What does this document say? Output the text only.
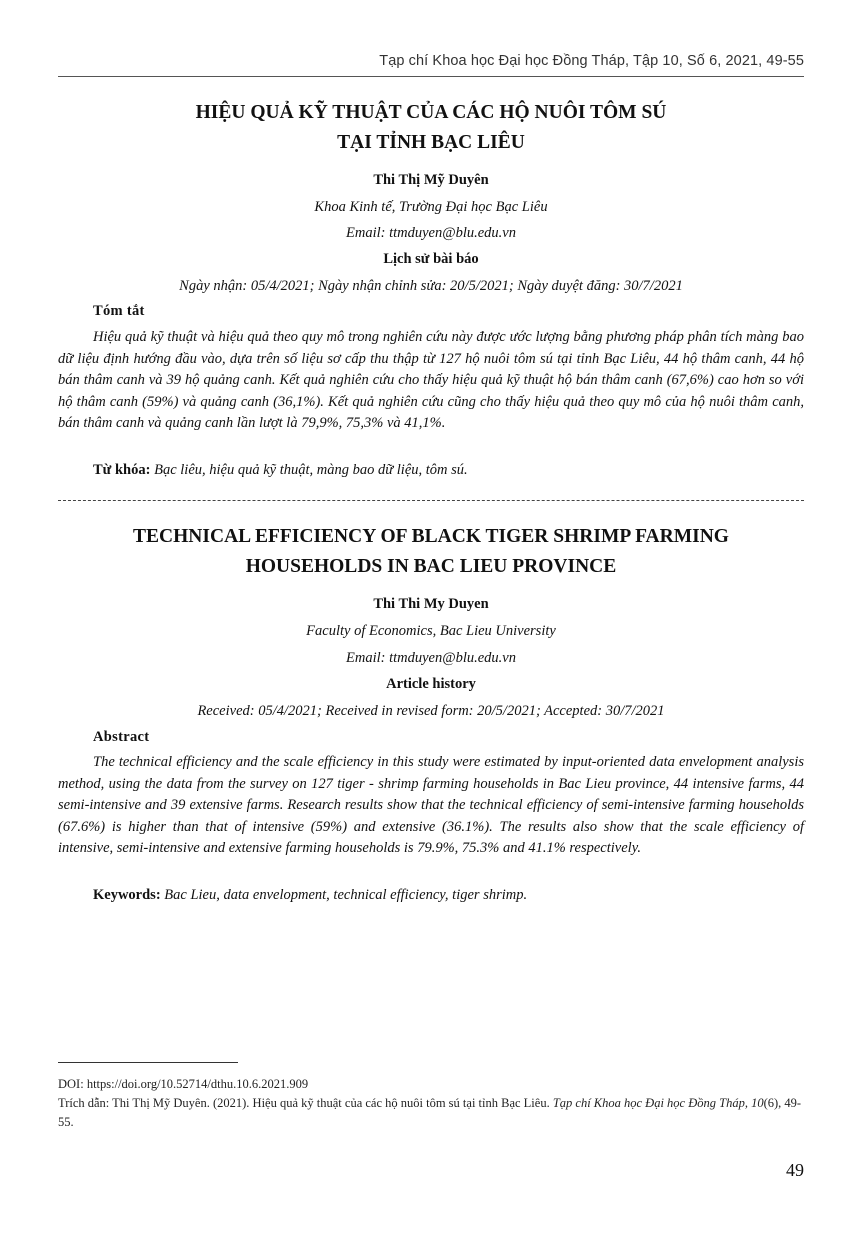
Tạp chí Khoa học Đại học Đồng Tháp, Tập 10, Số 6, 2021, 49-55
HIỆU QUẢ KỸ THUẬT CỦA CÁC HỘ NUÔI TÔM SÚ
TẠI TỈNH BẠC LIÊU
Thi Thị Mỹ Duyên
Khoa Kinh tế, Trường Đại học Bạc Liêu
Email: ttmduyen@blu.edu.vn
Lịch sử bài báo
Ngày nhận: 05/4/2021; Ngày nhận chỉnh sửa: 20/5/2021; Ngày duyệt đăng: 30/7/2021
Tóm tắt

Hiệu quả kỹ thuật và hiệu quả theo quy mô trong nghiên cứu này được ước lượng bằng phương pháp phân tích màng bao dữ liệu định hướng đầu vào, dựa trên số liệu sơ cấp thu thập từ 127 hộ nuôi tôm sú tại tỉnh Bạc Liêu, 44 hộ thâm canh, 44 hộ bán thâm canh và 39 hộ quảng canh. Kết quả nghiên cứu cho thấy hiệu quả kỹ thuật hộ bán thâm canh (67,6%) cao hơn so với hộ thâm canh (59%) và quảng canh (36,1%). Kết quả nghiên cứu cũng cho thấy hiệu quả theo quy mô của hộ nuôi thâm canh, bán thâm canh và quảng canh lần lượt là 79,9%, 75,3% và 41,1%.

Từ khóa: Bạc liêu, hiệu quả kỹ thuật, màng bao dữ liệu, tôm sú.
TECHNICAL EFFICIENCY OF BLACK TIGER SHRIMP FARMING
HOUSEHOLDS IN BAC LIEU PROVINCE
Thi Thi My Duyen
Faculty of Economics, Bac Lieu University
Email: ttmduyen@blu.edu.vn
Article history
Received: 05/4/2021; Received in revised form: 20/5/2021; Accepted: 30/7/2021
Abstract

The technical efficiency and the scale efficiency in this study were estimated by input-oriented data envelopment analysis method, using the data from the survey on 127 tiger - shrimp farming households in Bac Lieu province, 44 intensive farms, 44 semi-intensive and 39 extensive farms. Research results show that the technical efficiency of semi-intensive farming households (67.6%) is higher than that of intensive (59%) and extensive (36.1%). The results also show that the scale efficiency of intensive, semi-intensive and extensive farming households is 79.9%, 75.3% and 41.1% respectively.

Keywords: Bac Lieu, data envelopment, technical efficiency, tiger shrimp.
DOI: https://doi.org/10.52714/dthu.10.6.2021.909
Trích dẫn: Thi Thị Mỹ Duyên. (2021). Hiệu quả kỹ thuật của các hộ nuôi tôm sú tại tỉnh Bạc Liêu. Tạp chí Khoa học Đại học Đồng Tháp, 10(6), 49-55.
49
